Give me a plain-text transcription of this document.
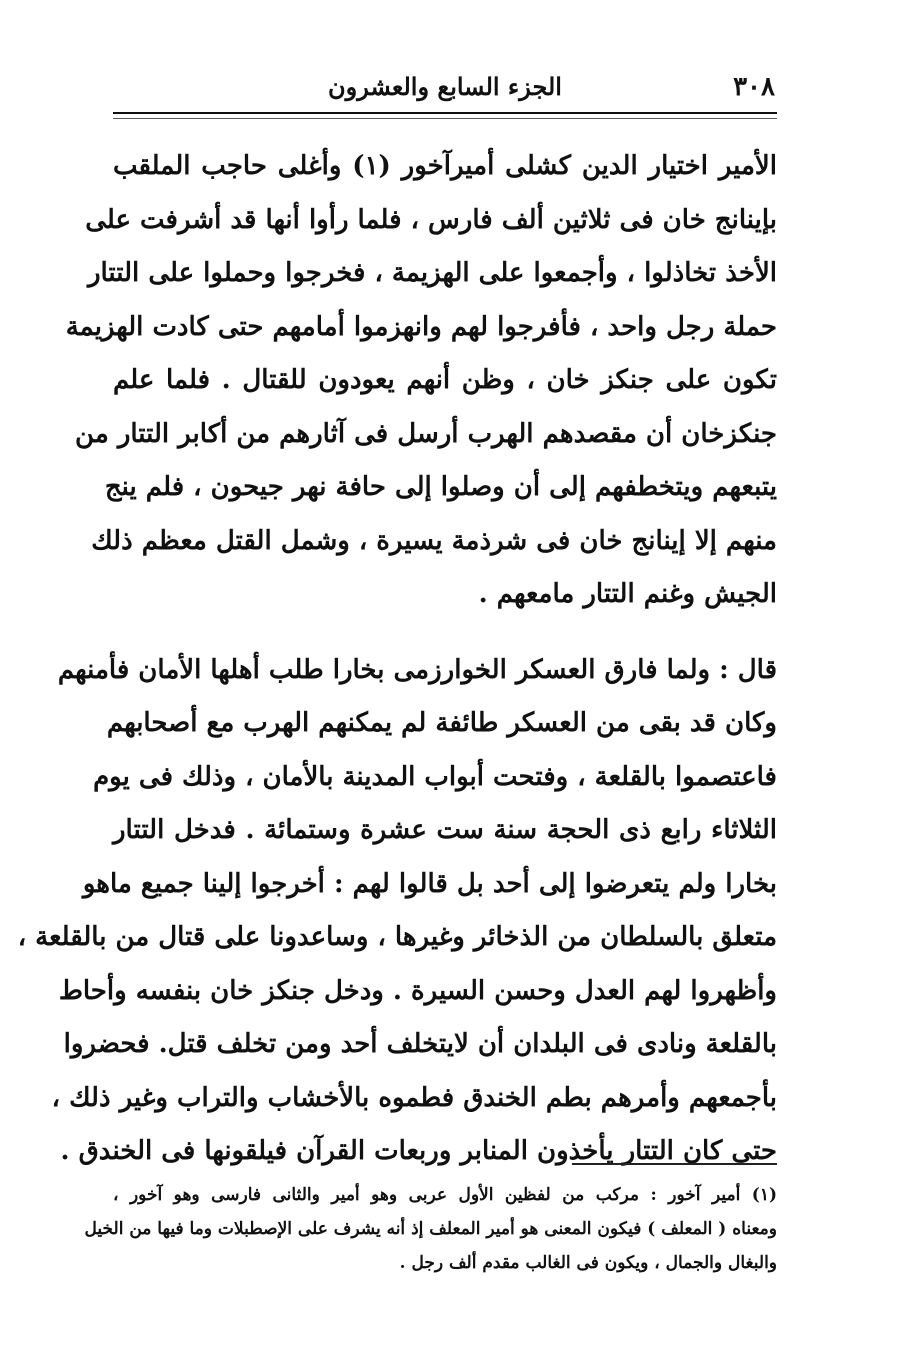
٣٠٨
الجزء السابع والعشرون
الأمير اختيار الدين كشلى أميرآخور (١) وأغلى حاجب الملقب
بإينانج خان فى ثلاثين ألف فارس ، فلما رأوا أنها قد أشرفت على
الأخذ تخاذلوا ، وأجمعوا على الهزيمة ، فخرجوا وحملوا على التتار
حملة رجل واحد ، فأفرجوا لهم وانهزموا أمامهم حتى كادت الهزيمة
تكون على جنكز خان ، وظن أنهم يعودون للقتال . فلما علم
جنكزخان أن مقصدهم الهرب أرسل فى آثارهم من أكابر التتار من
يتبعهم ويتخطفهم إلى أن وصلوا إلى حافة نهر جيحون ، فلم ينج
منهم إلا إينانج خان فى شرذمة يسيرة ، وشمل القتل معظم ذلك
الجيش وغنم التتار مامعهم .
قال : ولما فارق العسكر الخوارزمى بخارا طلب أهلها الأمان فأمنهم
وكان قد بقى من العسكر طائفة لم يمكنهم الهرب مع أصحابهم
فاعتصموا بالقلعة ، وفتحت أبواب المدينة بالأمان ، وذلك فى يوم
الثلاثاء رابع ذى الحجة سنة ست عشرة وستمائة . فدخل التتار
بخارا ولم يتعرضوا إلى أحد بل قالوا لهم : أخرجوا إلينا جميع ماهو
متعلق بالسلطان من الذخائر وغيرها ، وساعدونا على قتال من بالقلعة ،
وأظهروا لهم العدل وحسن السيرة . ودخل جنكز خان بنفسه وأحاط
بالقلعة ونادى فى البلدان أن لايتخلف أحد ومن تخلف قتل. فحضروا
بأجمعهم وأمرهم بطم الخندق فطموه بالأخشاب والتراب وغير ذلك ،
حتى كان التتار يأخذون المنابر وربعات القرآن فيلقونها فى الخندق .
(١) أمير آخور : مركب من لفظين الأول عربى وهو أمير والثانى فارسى وهو آخور ،
ومعناه ( المعلف ) فيكون المعنى هو أمير المعلف إذ أنه يشرف على الإصطبلات وما فيها من الخيل
والبغال والجمال ، ويكون فى الغالب مقدم ألف رجل .
